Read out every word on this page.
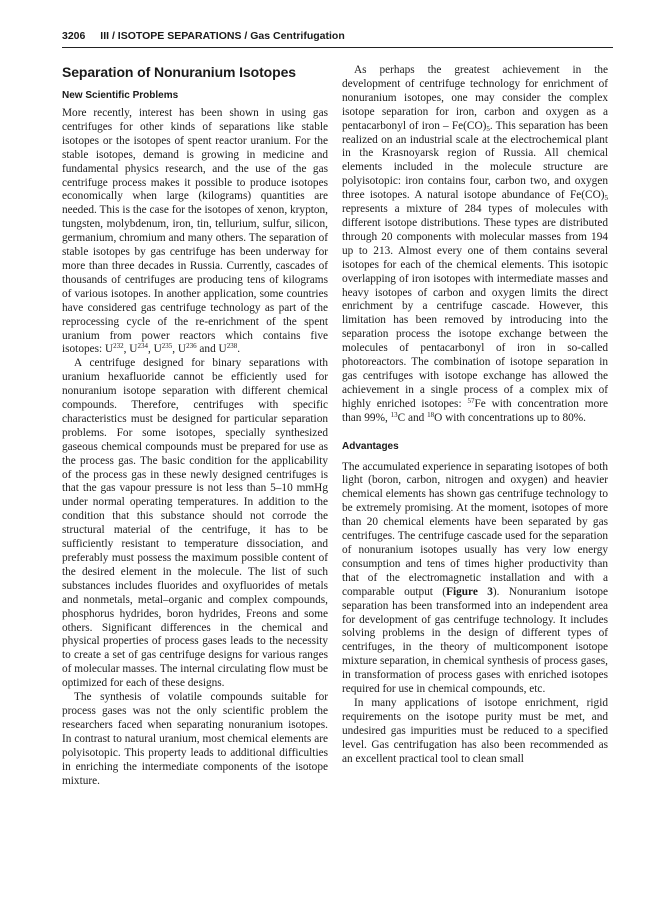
3206 III / ISOTOPE SEPARATIONS / Gas Centrifugation
Separation of Nonuranium Isotopes
New Scientific Problems

More recently, interest has been shown in using gas centrifuges for other kinds of separations like stable isotopes or the isotopes of spent reactor uranium. For the stable isotopes, demand is growing in medicine and fundamental physics research, and the use of the gas centrifuge process makes it possible to produce isotopes economically when large (kilograms) quantities are needed. This is the case for the isotopes of xenon, krypton, tungsten, molybdenum, iron, tin, tellurium, sulfur, silicon, germanium, chromium and many others. The separation of stable isotopes by gas centrifuge has been underway for more than three decades in Russia. Currently, cascades of thousands of centrifuges are producing tens of kilograms of various isotopes. In another application, some countries have considered gas centrifuge technology as part of the reprocessing cycle of the re-enrichment of the spent uranium from power reactors which contains five isotopes: $U^{232}$, $U^{234}$, $U^{235}$, $U^{236}$ and $U^{238}$.

A centrifuge designed for binary separations with uranium hexafluoride cannot be efficiently used for nonuranium isotope separation with different chemical compounds. Therefore, centrifuges with specific characteristics must be designed for particular separation problems. For some isotopes, specially synthesized gaseous chemical compounds must be prepared for use as the process gas. The basic condition for the applicability of the process gas in these newly designed centrifuges is that the gas vapour pressure is not less than 5–10 mmHg under normal operating temperatures. In addition to the condition that this substance should not corrode the structural material of the centrifuge, it has to be sufficiently resistant to temperature dissociation, and preferably must possess the maximum possible content of the desired element in the molecule. The list of such substances includes fluorides and oxyfluorides of metals and nonmetals, metal–organic and complex compounds, phosphorus hydrides, boron hydrides, Freons and some others. Significant differences in the chemical and physical properties of process gases leads to the necessity to create a set of gas centrifuge designs for various ranges of molecular masses. The internal circulating flow must be optimized for each of these designs.

The synthesis of volatile compounds suitable for process gases was not the only scientific problem the researchers faced when separating nonuranium isotopes. In contrast to natural uranium, most chemical elements are polyisotopic. This property leads to additional difficulties in enriching the intermediate components of the isotope mixture.

As perhaps the greatest achievement in the development of centrifuge technology for enrichment of nonuranium isotopes, one may consider the complex isotope separation for iron, carbon and oxygen as a pentacarbonyl of iron – $Fe(CO)_5$. This separation has been realized on an industrial scale at the electrochemical plant in the Krasnoyarsk region of Russia. All chemical elements included in the molecule structure are polyisotopic: iron contains four, carbon two, and oxygen three isotopes. A natural isotope abundance of $Fe(CO)_5$ represents a mixture of 284 types of molecules with different isotope distributions. These types are distributed through 20 components with molecular masses from 194 up to 213. Almost every one of them contains several isotopes for each of the chemical elements. This isotopic overlapping of iron isotopes with intermediate masses and heavy isotopes of carbon and oxygen limits the direct enrichment by a centrifuge cascade. However, this limitation has been removed by introducing into the separation process the isotope exchange between the molecules of pentacarbonyl of iron in so-called photoreactors. The combination of isotope separation in gas centrifuges with isotope exchange has allowed the achievement in a single process of a complex mix of highly enriched isotopes: $^{57}$Fe with concentration more than 99%, $^{13}$C and $^{18}$O with concentrations up to 80%.

Advantages

The accumulated experience in separating isotopes of both light (boron, carbon, nitrogen and oxygen) and heavier chemical elements has shown gas centrifuge technology to be extremely promising. At the moment, isotopes of more than 20 chemical elements have been separated by gas centrifuges. The centrifuge cascade used for the separation of nonuranium isotopes usually has very low energy consumption and tens of times higher productivity than that of the electromagnetic installation and with a comparable output (Figure 3). Nonuranium isotope separation has been transformed into an independent area for development of gas centrifuge technology. It includes solving problems in the design of different types of centrifuges, in the theory of multicomponent isotope mixture separation, in chemical synthesis of process gases, in transformation of process gases with enriched isotopes required for use in chemical compounds, etc.

In many applications of isotope enrichment, rigid requirements on the isotope purity must be met, and undesired gas impurities must be reduced to a specified level. Gas centrifugation has also been recommended as an excellent practical tool to clean small
